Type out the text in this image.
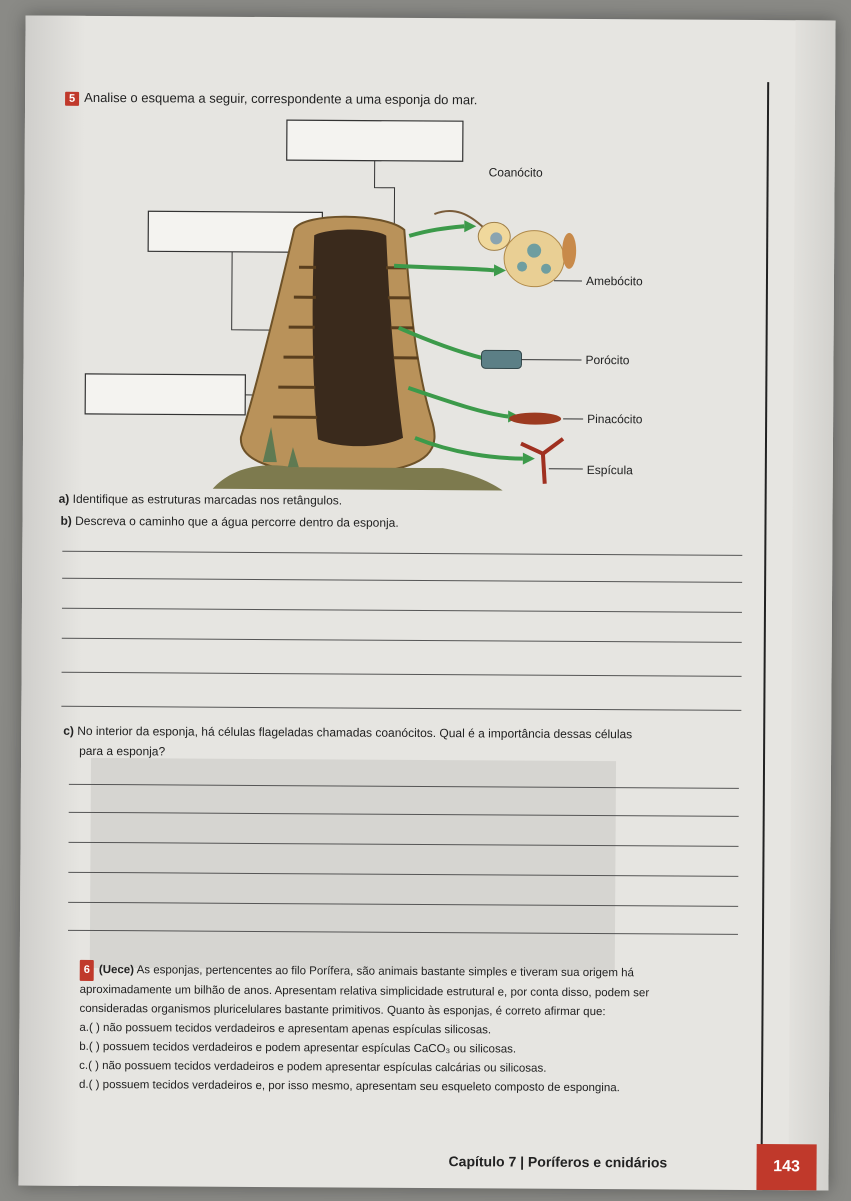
5 Analise o esquema a seguir, correspondente a uma esponja do mar.
Coanócito
Amebócito
Porócito
Pinacócito
Espícula
a) Identifique as estruturas marcadas nos retângulos.
b) Descreva o caminho que a água percorre dentro da esponja.
c) No interior da esponja, há células flageladas chamadas coanócitos. Qual é a importância dessas células
para a esponja?
6 (Uece) As esponjas, pertencentes ao filo Porífera, são animais bastante simples e tiveram sua origem há
aproximadamente um bilhão de anos. Apresentam relativa simplicidade estrutural e, por conta disso, podem ser
consideradas organismos pluricelulares bastante primitivos. Quanto às esponjas, é correto afirmar que:
a.( ) não possuem tecidos verdadeiros e apresentam apenas espículas silicosas.
b.( ) possuem tecidos verdadeiros e podem apresentar espículas CaCO₃ ou silicosas.
c.( ) não possuem tecidos verdadeiros e podem apresentar espículas calcárias ou silicosas.
d.( ) possuem tecidos verdadeiros e, por isso mesmo, apresentam seu esqueleto composto de espongina.
Capítulo 7 | Poríferos e cnidários	143
